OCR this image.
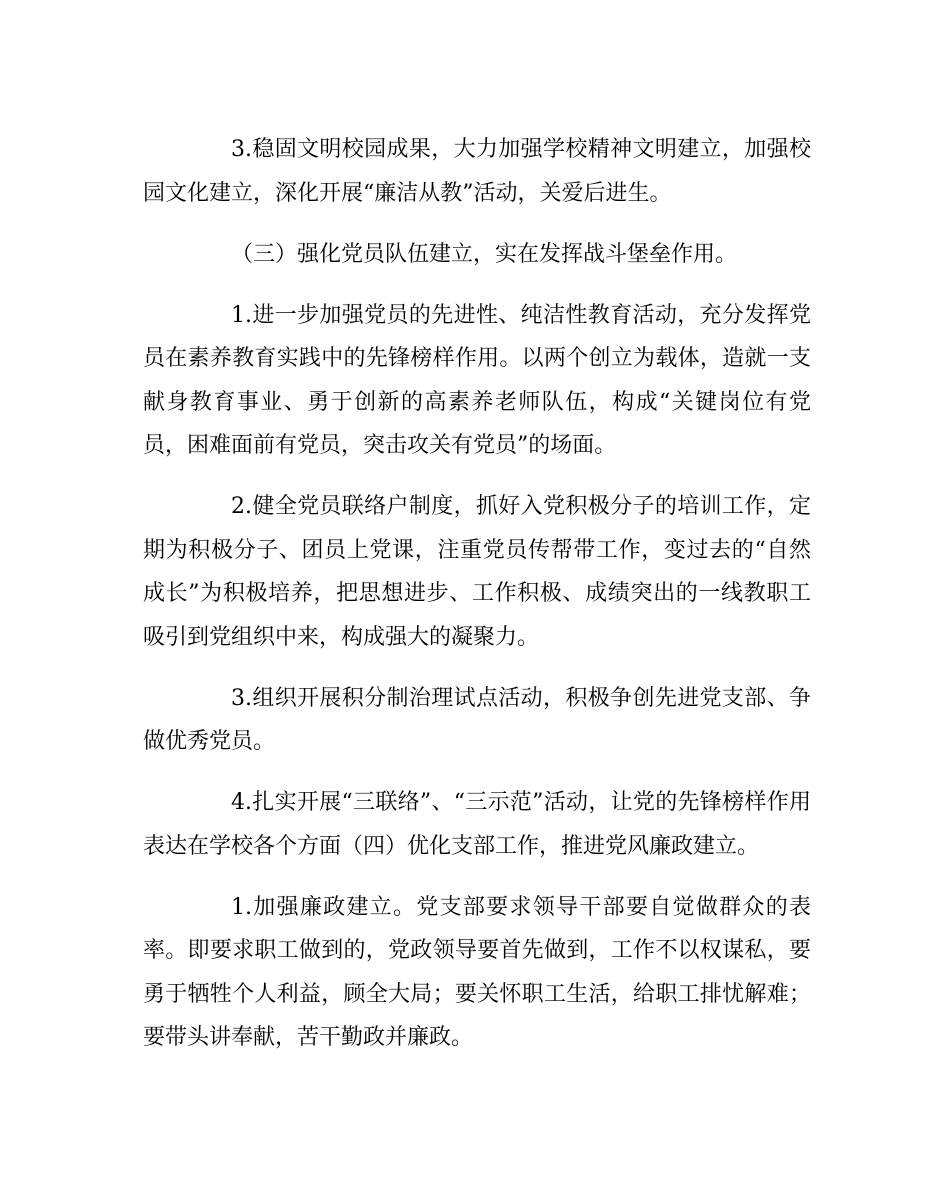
3.稳固文明校园成果，大力加强学校精神文明建立，加强校园文化建立，深化开展“廉洁从教”活动，关爱后进生。

（三）强化党员队伍建立，实在发挥战斗堡垒作用。

1.进一步加强党员的先进性、纯洁性教育活动，充分发挥党员在素养教育实践中的先锋榜样作用。以两个创立为载体，造就一支献身教育事业、勇于创新的高素养老师队伍，构成“关键岗位有党员，困难面前有党员，突击攻关有党员”的场面。

2.健全党员联络户制度，抓好入党积极分子的培训工作，定期为积极分子、团员上党课，注重党员传帮带工作，变过去的“自然成长”为积极培养，把思想进步、工作积极、成绩突出的一线教职工吸引到党组织中来，构成强大的凝聚力。

3.组织开展积分制治理试点活动，积极争创先进党支部、争做优秀党员。

4.扎实开展“三联络”、“三示范”活动，让党的先锋榜样作用表达在学校各个方面（四）优化支部工作，推进党风廉政建立。

1.加强廉政建立。党支部要求领导干部要自觉做群众的表率。即要求职工做到的，党政领导要首先做到，工作不以权谋私，要勇于牺牲个人利益，顾全大局；要关怀职工生活，给职工排忧解难；要带头讲奉献，苦干勤政并廉政。
